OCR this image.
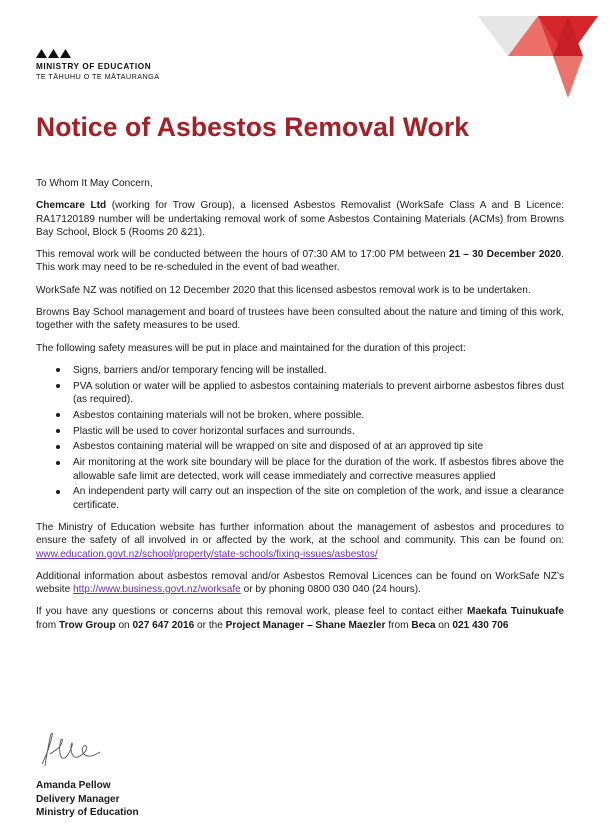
MINISTRY OF EDUCATION
TE TĀHUHU O TE MĀTAURANGA
Notice of Asbestos Removal Work

To Whom It May Concern,

Chemcare Ltd (working for Trow Group), a licensed Asbestos Removalist (WorkSafe Class A and B Licence: RA17120189 number will be undertaking removal work of some Asbestos Containing Materials (ACMs) from Browns Bay School, Block 5 (Rooms 20 &21).

This removal work will be conducted between the hours of 07:30 AM to 17:00 PM between 21 – 30 December 2020. This work may need to be re-scheduled in the event of bad weather.

WorkSafe NZ was notified on 12 December 2020 that this licensed asbestos removal work is to be undertaken.

Browns Bay School management and board of trustees have been consulted about the nature and timing of this work, together with the safety measures to be used.

The following safety measures will be put in place and maintained for the duration of this project:

Signs, barriers and/or temporary fencing will be installed.
PVA solution or water will be applied to asbestos containing materials to prevent airborne asbestos fibres dust (as required).
Asbestos containing materials will not be broken, where possible.
Plastic will be used to cover horizontal surfaces and surrounds.
Asbestos containing material will be wrapped on site and disposed of at an approved tip site
Air monitoring at the work site boundary will be place for the duration of the work. If asbestos fibres above the allowable safe limit are detected, work will cease immediately and corrective measures applied
An independent party will carry out an inspection of the site on completion of the work, and issue a clearance certificate.

The Ministry of Education website has further information about the management of asbestos and procedures to ensure the safety of all involved in or affected by the work, at the school and community. This can be found on: www.education.govt.nz/school/property/state-schools/fixing-issues/asbestos/

Additional information about asbestos removal and/or Asbestos Removal Licences can be found on WorkSafe NZ’s website http://www.business.govt.nz/worksafe or by phoning 0800 030 040 (24 hours).

If you have any questions or concerns about this removal work, please feel to contact either Maekafa Tuinukuafe from Trow Group on 027 647 2016 or the Project Manager – Shane Maezler from Beca on 021 430 706

Amanda Pellow
Delivery Manager
Ministry of Education
